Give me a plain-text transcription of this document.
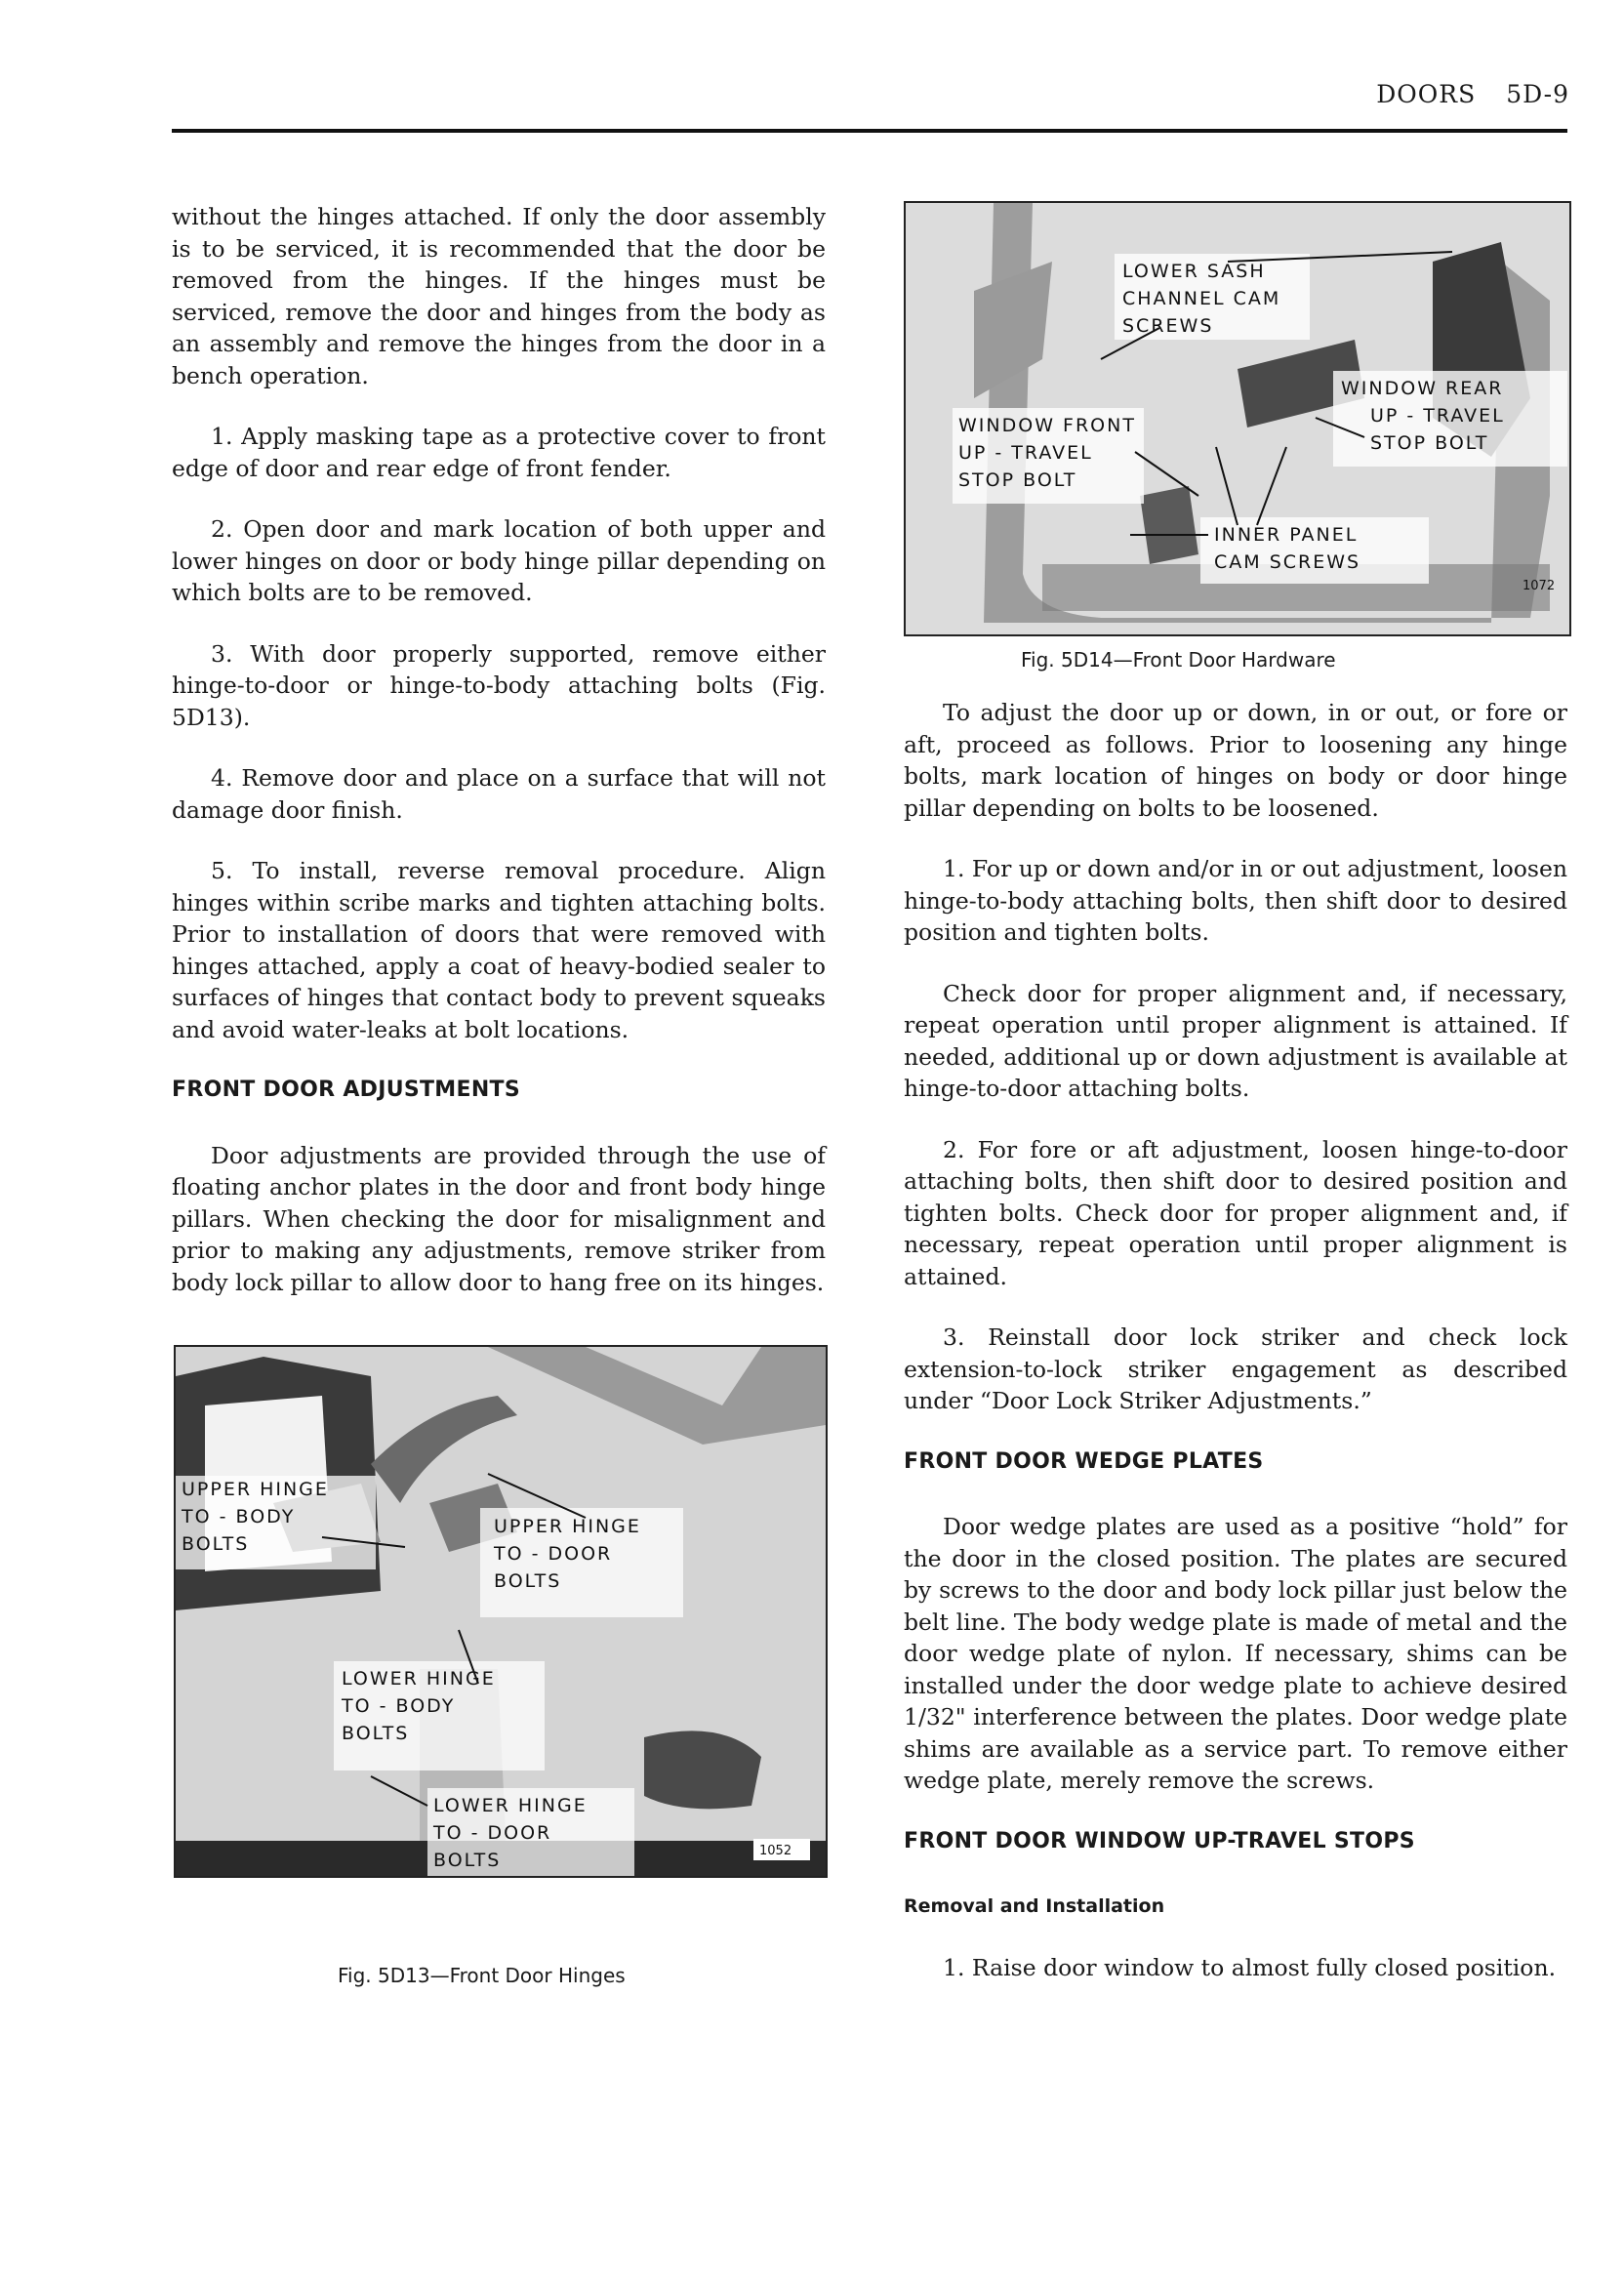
DOORS 5D-9

without the hinges attached. If only the door assembly is to be serviced, it is recommended that the door be removed from the hinges. If the hinges must be serviced, remove the door and hinges from the body as an assembly and remove the hinges from the door in a bench operation.

1. Apply masking tape as a protective cover to front edge of door and rear edge of front fender.

2. Open door and mark location of both upper and lower hinges on door or body hinge pillar depending on which bolts are to be removed.

3. With door properly supported, remove either hinge-to-door or hinge-to-body attaching bolts (Fig. 5D13).

4. Remove door and place on a surface that will not damage door finish.

5. To install, reverse removal procedure. Align hinges within scribe marks and tighten attaching bolts. Prior to installation of doors that were removed with hinges attached, apply a coat of heavy-bodied sealer to surfaces of hinges that contact body to prevent squeaks and avoid water-leaks at bolt locations.

FRONT DOOR ADJUSTMENTS

Door adjustments are provided through the use of floating anchor plates in the door and front body hinge pillars. When checking the door for misalignment and prior to making any adjustments, remove striker from body lock pillar to allow door to hang free on its hinges.

UPPER HINGE
TO - BODY
BOLTS
UPPER HINGE
TO - DOOR
BOLTS
LOWER HINGE
TO - BODY
BOLTS
LOWER HINGE
TO - DOOR
BOLTS	1052
Fig. 5D13—Front Door Hinges
LOWER SASH
CHANNEL CAM
SCREWS
WINDOW REAR
UP - TRAVEL
STOP BOLT
WINDOW FRONT
UP - TRAVEL
STOP BOLT
INNER PANEL
CAM SCREWS
1072
Fig. 5D14—Front Door Hardware

To adjust the door up or down, in or out, or fore or aft, proceed as follows. Prior to loosening any hinge bolts, mark location of hinges on body or door hinge pillar depending on bolts to be loosened.

1. For up or down and/or in or out adjustment, loosen hinge-to-body attaching bolts, then shift door to desired position and tighten bolts.

Check door for proper alignment and, if necessary, repeat operation until proper alignment is attained. If needed, additional up or down adjustment is available at hinge-to-door attaching bolts.

2. For fore or aft adjustment, loosen hinge-to-door attaching bolts, then shift door to desired position and tighten bolts. Check door for proper alignment and, if necessary, repeat operation until proper alignment is attained.

3. Reinstall door lock striker and check lock extension-to-lock striker engagement as described under “Door Lock Striker Adjustments.”

FRONT DOOR WEDGE PLATES

Door wedge plates are used as a positive “hold” for the door in the closed position. The plates are secured by screws to the door and body lock pillar just below the belt line. The body wedge plate is made of metal and the door wedge plate of nylon. If necessary, shims can be installed under the door wedge plate to achieve desired 1/32" interference between the plates. Door wedge plate shims are available as a service part. To remove either wedge plate, merely remove the screws.

FRONT DOOR WINDOW UP-TRAVEL STOPS
Removal and Installation

1. Raise door window to almost fully closed position.
